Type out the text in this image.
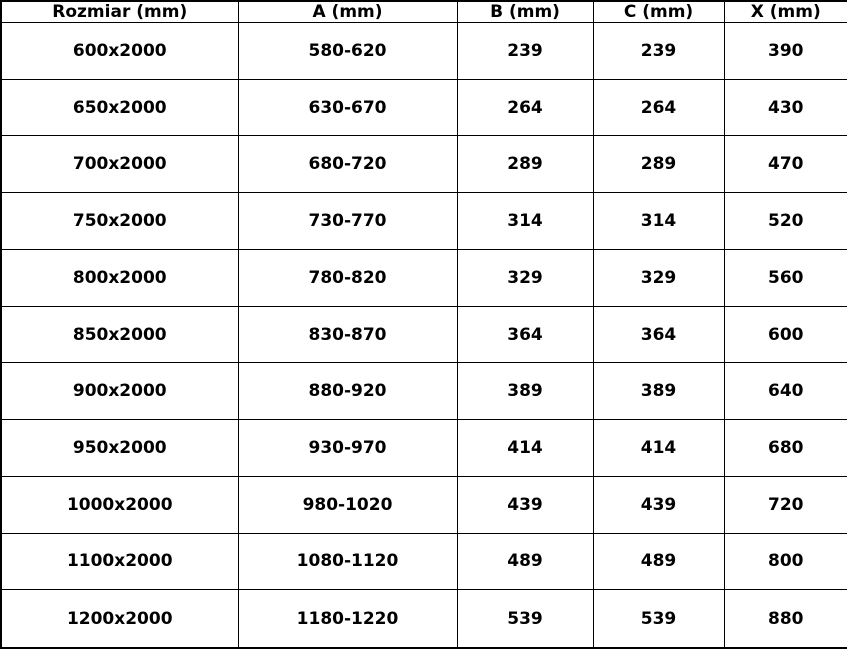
Rozmiar (mm)	A (mm)	B (mm)	C (mm)	X (mm)
600x2000	580-620	239	239	390
650x2000	630-670	264	264	430
700x2000	680-720	289	289	470
750x2000	730-770	314	314	520
800x2000	780-820	329	329	560
850x2000	830-870	364	364	600
900x2000	880-920	389	389	640
950x2000	930-970	414	414	680
1000x2000	980-1020	439	439	720
1100x2000	1080-1120	489	489	800
1200x2000	1180-1220	539	539	880
